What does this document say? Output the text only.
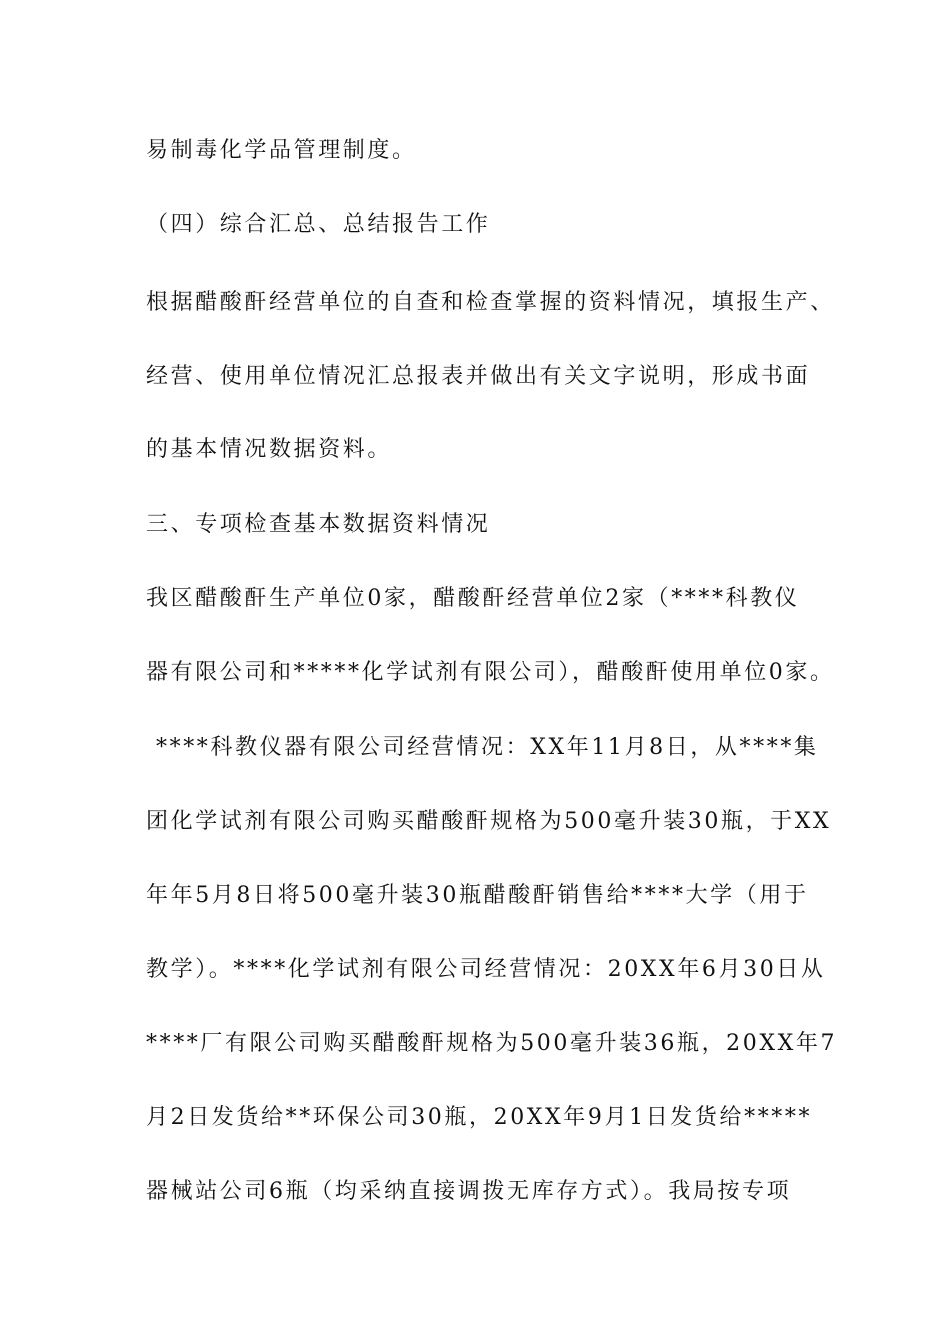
易制毒化学品管理制度。
（四）综合汇总、总结报告工作
根据醋酸酐经营单位的自查和检查掌握的资料情况，填报生产、
经营、使用单位情况汇总报表并做出有关文字说明，形成书面
的基本情况数据资料。
三、专项检查基本数据资料情况
我区醋酸酐生产单位0家，醋酸酐经营单位2家（****科教仪
器有限公司和*****化学试剂有限公司），醋酸酐使用单位0家。
****科教仪器有限公司经营情况：XX年11月8日，从****集
团化学试剂有限公司购买醋酸酐规格为500毫升装30瓶，于XX
年年5月8日将500毫升装30瓶醋酸酐销售给****大学（用于
教学）。****化学试剂有限公司经营情况：20XX年6月30日从
****厂有限公司购买醋酸酐规格为500毫升装36瓶，20XX年7
月2日发货给**环保公司30瓶，20XX年9月1日发货给*****
器械站公司6瓶（均采纳直接调拨无库存方式）。我局按专项
